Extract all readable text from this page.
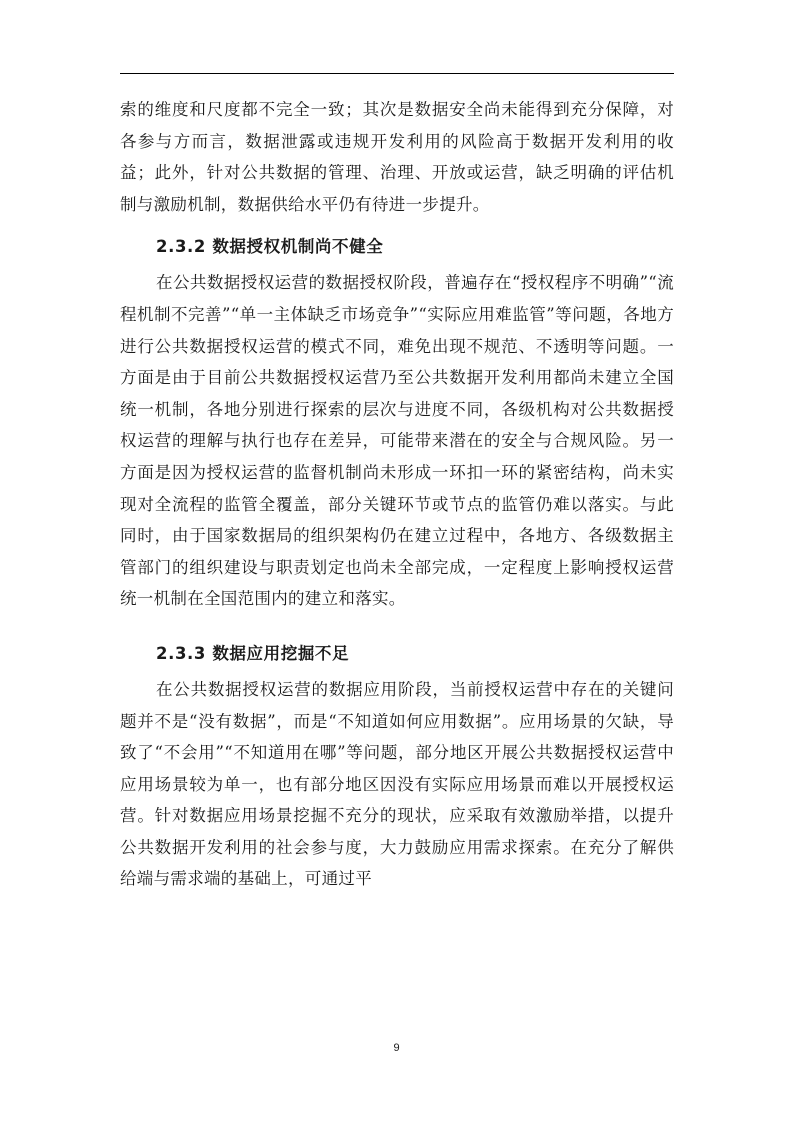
索的维度和尺度都不完全一致；其次是数据安全尚未能得到充分保障，对各参与方而言，数据泄露或违规开发利用的风险高于数据开发利用的收益；此外，针对公共数据的管理、治理、开放或运营，缺乏明确的评估机制与激励机制，数据供给水平仍有待进一步提升。

2.3.2 数据授权机制尚不健全

在公共数据授权运营的数据授权阶段，普遍存在“授权程序不明确”“流程机制不完善”“单一主体缺乏市场竞争”“实际应用难监管”等问题，各地方进行公共数据授权运营的模式不同，难免出现不规范、不透明等问题。一方面是由于目前公共数据授权运营乃至公共数据开发利用都尚未建立全国统一机制，各地分别进行探索的层次与进度不同，各级机构对公共数据授权运营的理解与执行也存在差异，可能带来潜在的安全与合规风险。另一方面是因为授权运营的监督机制尚未形成一环扣一环的紧密结构，尚未实现对全流程的监管全覆盖，部分关键环节或节点的监管仍难以落实。与此同时，由于国家数据局的组织架构仍在建立过程中，各地方、各级数据主管部门的组织建设与职责划定也尚未全部完成，一定程度上影响授权运营统一机制在全国范围内的建立和落实。

2.3.3 数据应用挖掘不足

在公共数据授权运营的数据应用阶段，当前授权运营中存在的关键问题并不是“没有数据”，而是“不知道如何应用数据”。应用场景的欠缺，导致了“不会用”“不知道用在哪”等问题，部分地区开展公共数据授权运营中应用场景较为单一，也有部分地区因没有实际应用场景而难以开展授权运营。针对数据应用场景挖掘不充分的现状，应采取有效激励举措，以提升公共数据开发利用的社会参与度，大力鼓励应用需求探索。在充分了解供给端与需求端的基础上，可通过平

9
